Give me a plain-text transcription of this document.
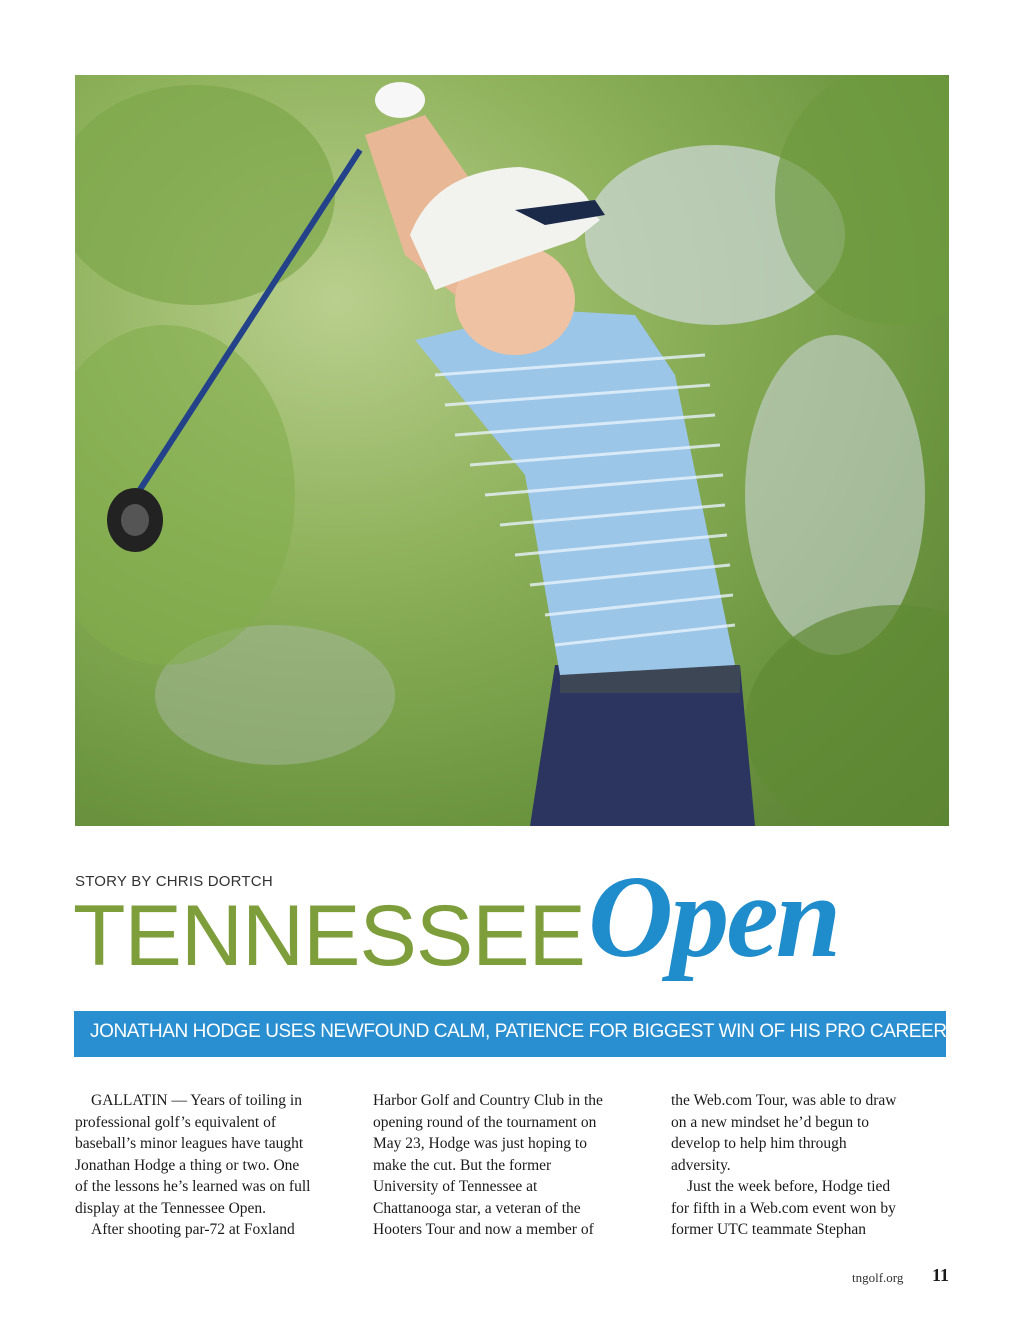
STORY BY CHRIS DORTCH
TENNESSEE Open
JONATHAN HODGE USES NEWFOUND CALM, PATIENCE FOR BIGGEST WIN OF HIS PRO CAREER

GALLATIN — Years of toiling in

professional golf’s equivalent of

baseball’s minor leagues have taught

Jonathan Hodge a thing or two. One

of the lessons he’s learned was on full

display at the Tennessee Open.

After shooting par-72 at Foxland

Harbor Golf and Country Club in the

opening round of the tournament on

May 23, Hodge was just hoping to

make the cut. But the former

University of Tennessee at

Chattanooga star, a veteran of the

Hooters Tour and now a member of

the Web.com Tour, was able to draw

on a new mindset he’d begun to

develop to help him through

adversity.

Just the week before, Hodge tied

for fifth in a Web.com event won by

former UTC teammate Stephan

tngolf.org 11
